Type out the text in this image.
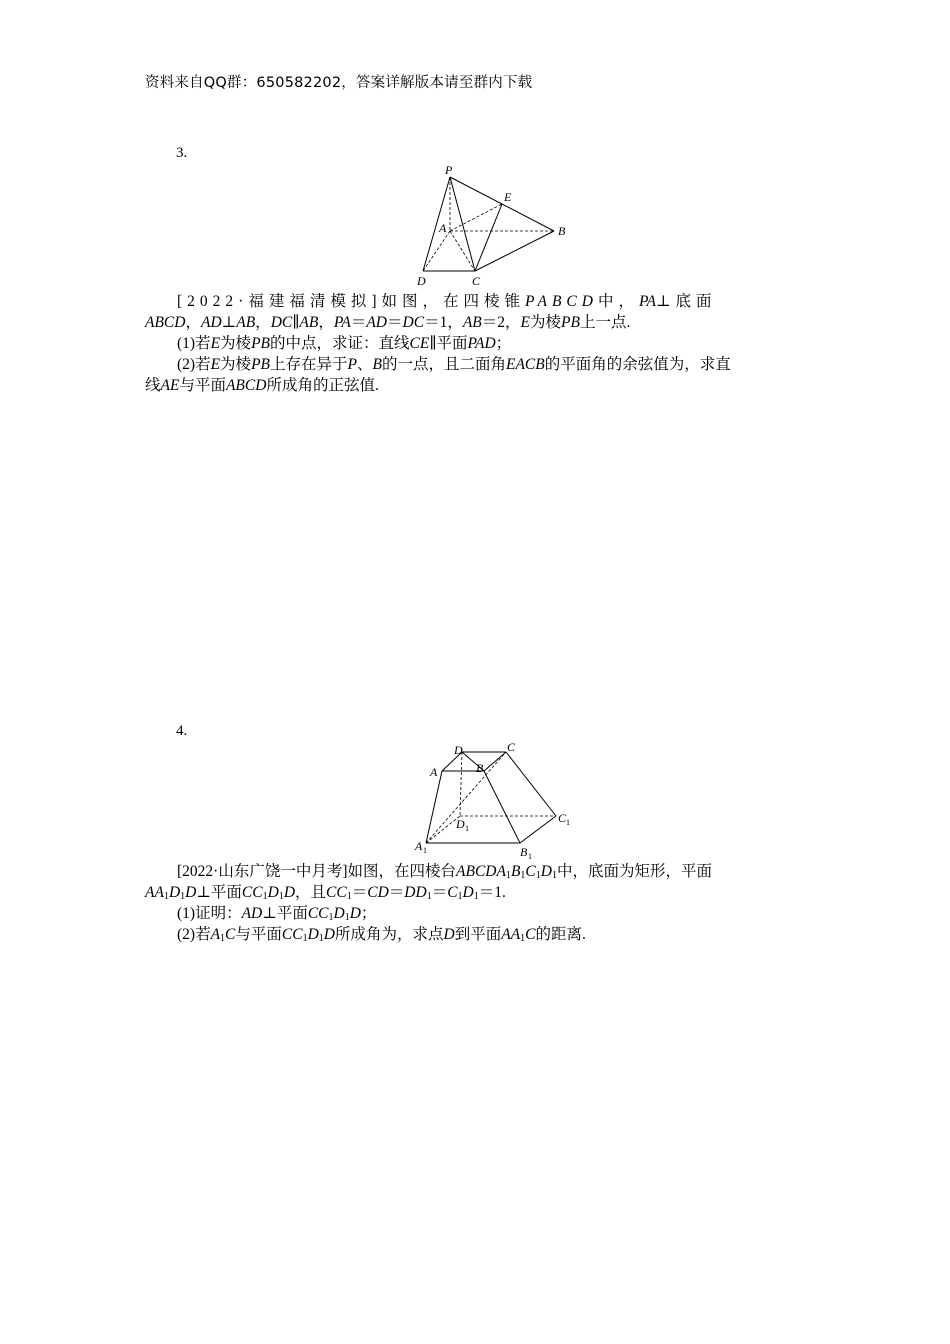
资料来自QQ群：650582202，答案详解版本请至群内下载
3.
P
E
A	B
D	C

[2022·福建福清模拟]如图，在四棱锥PABCD中，PA⊥底面
ABCD，AD⊥AB，DC∥AB，PA＝AD＝DC＝1，AB＝2，E为棱PB上一点.

(1)若E为棱PB的中点，求证：直线CE∥平面PAD；

(2)若E为棱PB上存在异于P、B的一点，且二面角EACB的平面角的余弦值为，求直
线AE与平面ABCD所成角的正弦值.

4.
D	C
A	B
D 1
C 1
A 1	B 1

[2022·山东广饶一中月考]如图，在四棱台$ABCDA_1B_1C_1D_1$中，底面为矩形，平面
$AA_1D_1D\perp$平面$CC_1D_1D$，且$CC_1=CD=DD_1=C_1D_1=1$.

(1)证明：AD⊥平面$CC_1D_1D$；

(2)若$A_1C$与平面$CC_1D_1D$所成角为，求点D到平面$AA_1C$的距离.
